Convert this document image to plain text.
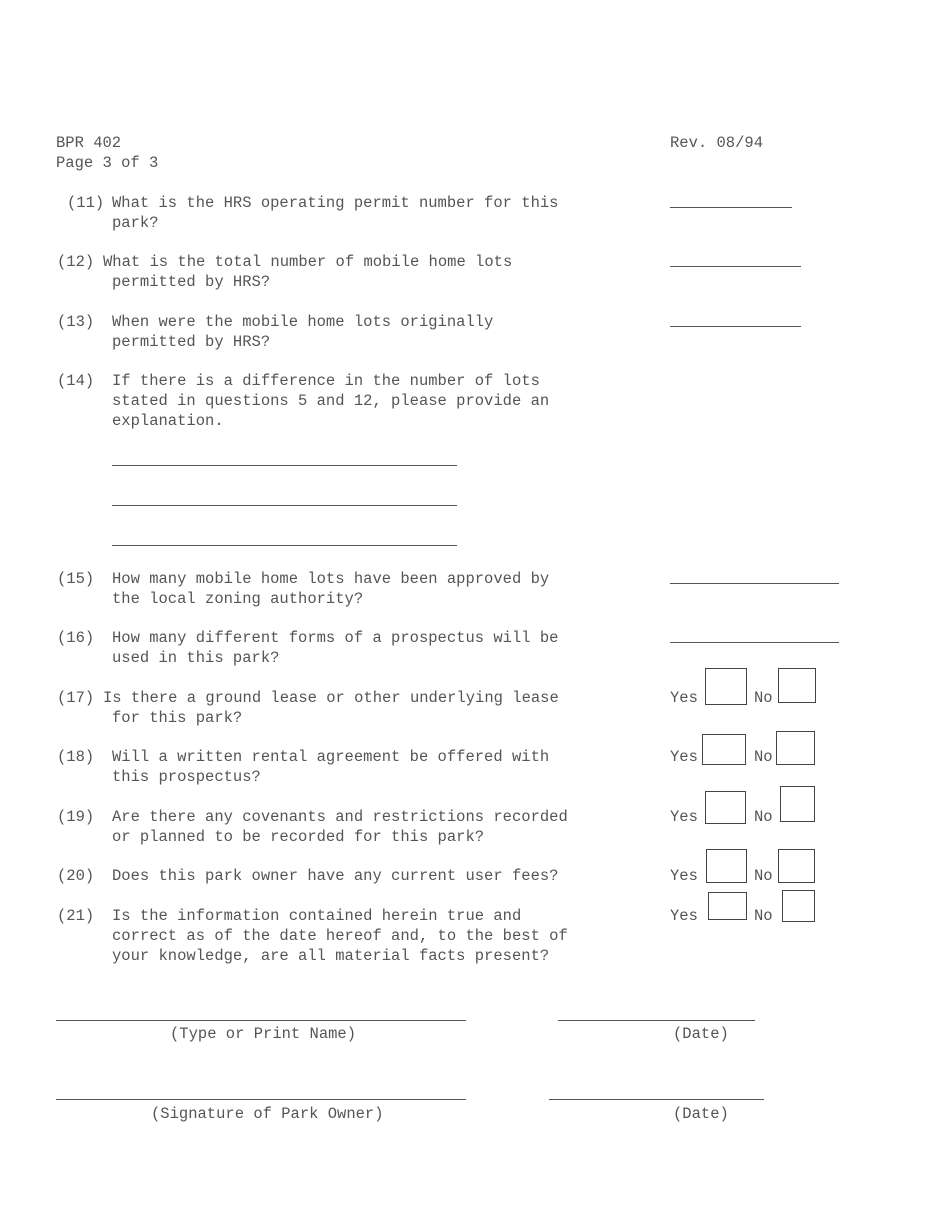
BPR 402
Page 3 of 3
Rev. 08/94
(11) What is the HRS operating permit number for this
park?
(12) What is the total number of mobile home lots
permitted by HRS?
(13) When were the mobile home lots originally
permitted by HRS?
(14) If there is a difference in the number of lots
stated in questions 5 and 12, please provide an
explanation.
(15) How many mobile home lots have been approved by
the local zoning authority?
(16) How many different forms of a prospectus will be
used in this park?
(17) Is there a ground lease or other underlying lease
for this park?
Yes	No
(18) Will a written rental agreement be offered with
this prospectus?
Yes	No
(19) Are there any covenants and restrictions recorded
or planned to be recorded for this park?
Yes	No
(20) Does this park owner have any current user fees?	Yes	No
(21) Is the information contained herein true and
correct as of the date hereof and, to the best of
your knowledge, are all material facts present?
Yes	No
(Type or Print Name)	(Date)
(Signature of Park Owner)	(Date)
